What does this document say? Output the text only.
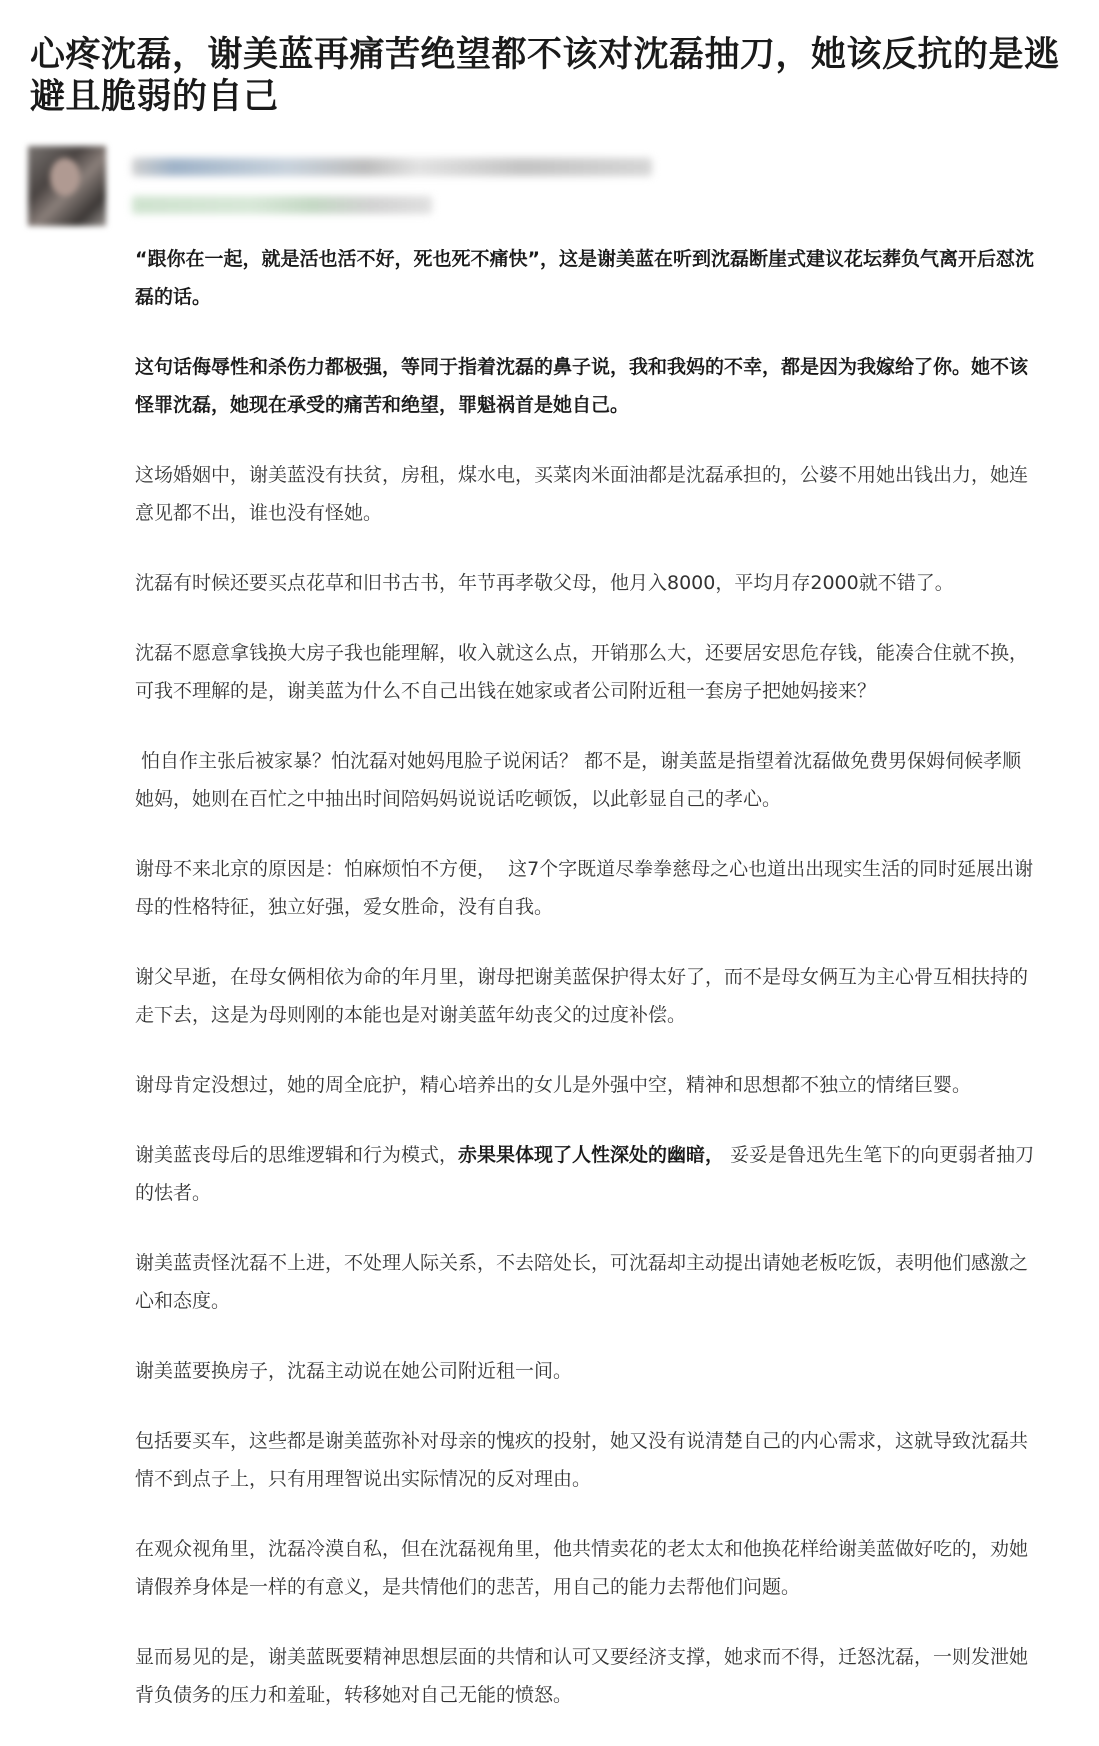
心疼沈磊，谢美蓝再痛苦绝望都不该对沈磊抽刀，她该反抗的是逃避且脆弱的自己

“跟你在一起，就是活也活不好，死也死不痛快”，这是谢美蓝在听到沈磊断崖式建议花坛葬负气离开后怼沈磊的话。

这句话侮辱性和杀伤力都极强，等同于指着沈磊的鼻子说，我和我妈的不幸，都是因为我嫁给了你。她不该怪罪沈磊，她现在承受的痛苦和绝望，罪魁祸首是她自己。

这场婚姻中，谢美蓝没有扶贫，房租，煤水电，买菜肉米面油都是沈磊承担的，公婆不用她出钱出力，她连意见都不出，谁也没有怪她。

沈磊有时候还要买点花草和旧书古书，年节再孝敬父母，他月入8000，平均月存2000就不错了。

沈磊不愿意拿钱换大房子我也能理解，收入就这么点，开销那么大，还要居安思危存钱，能凑合住就不换，可我不理解的是，谢美蓝为什么不自己出钱在她家或者公司附近租一套房子把她妈接来？

怕自作主张后被家暴？怕沈磊对她妈甩脸子说闲话？ 都不是，谢美蓝是指望着沈磊做免费男保姆伺候孝顺她妈，她则在百忙之中抽出时间陪妈妈说说话吃顿饭，以此彰显自己的孝心。

谢母不来北京的原因是：怕麻烦怕不方便，  这7个字既道尽拳拳慈母之心也道出出现实生活的同时延展出谢母的性格特征，独立好强，爱女胜命，没有自我。

谢父早逝，在母女俩相依为命的年月里，谢母把谢美蓝保护得太好了，而不是母女俩互为主心骨互相扶持的走下去，这是为母则刚的本能也是对谢美蓝年幼丧父的过度补偿。

谢母肯定没想过，她的周全庇护，精心培养出的女儿是外强中空，精神和思想都不独立的情绪巨婴。

谢美蓝丧母后的思维逻辑和行为模式，赤果果体现了人性深处的幽暗， 妥妥是鲁迅先生笔下的向更弱者抽刀的怯者。

谢美蓝责怪沈磊不上进，不处理人际关系，不去陪处长，可沈磊却主动提出请她老板吃饭，表明他们感激之心和态度。

谢美蓝要换房子，沈磊主动说在她公司附近租一间。

包括要买车，这些都是谢美蓝弥补对母亲的愧疚的投射，她又没有说清楚自己的内心需求，这就导致沈磊共情不到点子上，只有用理智说出实际情况的反对理由。

在观众视角里，沈磊冷漠自私，但在沈磊视角里，他共情卖花的老太太和他换花样给谢美蓝做好吃的，劝她请假养身体是一样的有意义，是共情他们的悲苦，用自己的能力去帮他们问题。

显而易见的是，谢美蓝既要精神思想层面的共情和认可又要经济支撑，她求而不得，迁怒沈磊，一则发泄她背负债务的压力和羞耻，转移她对自己无能的愤怒。
